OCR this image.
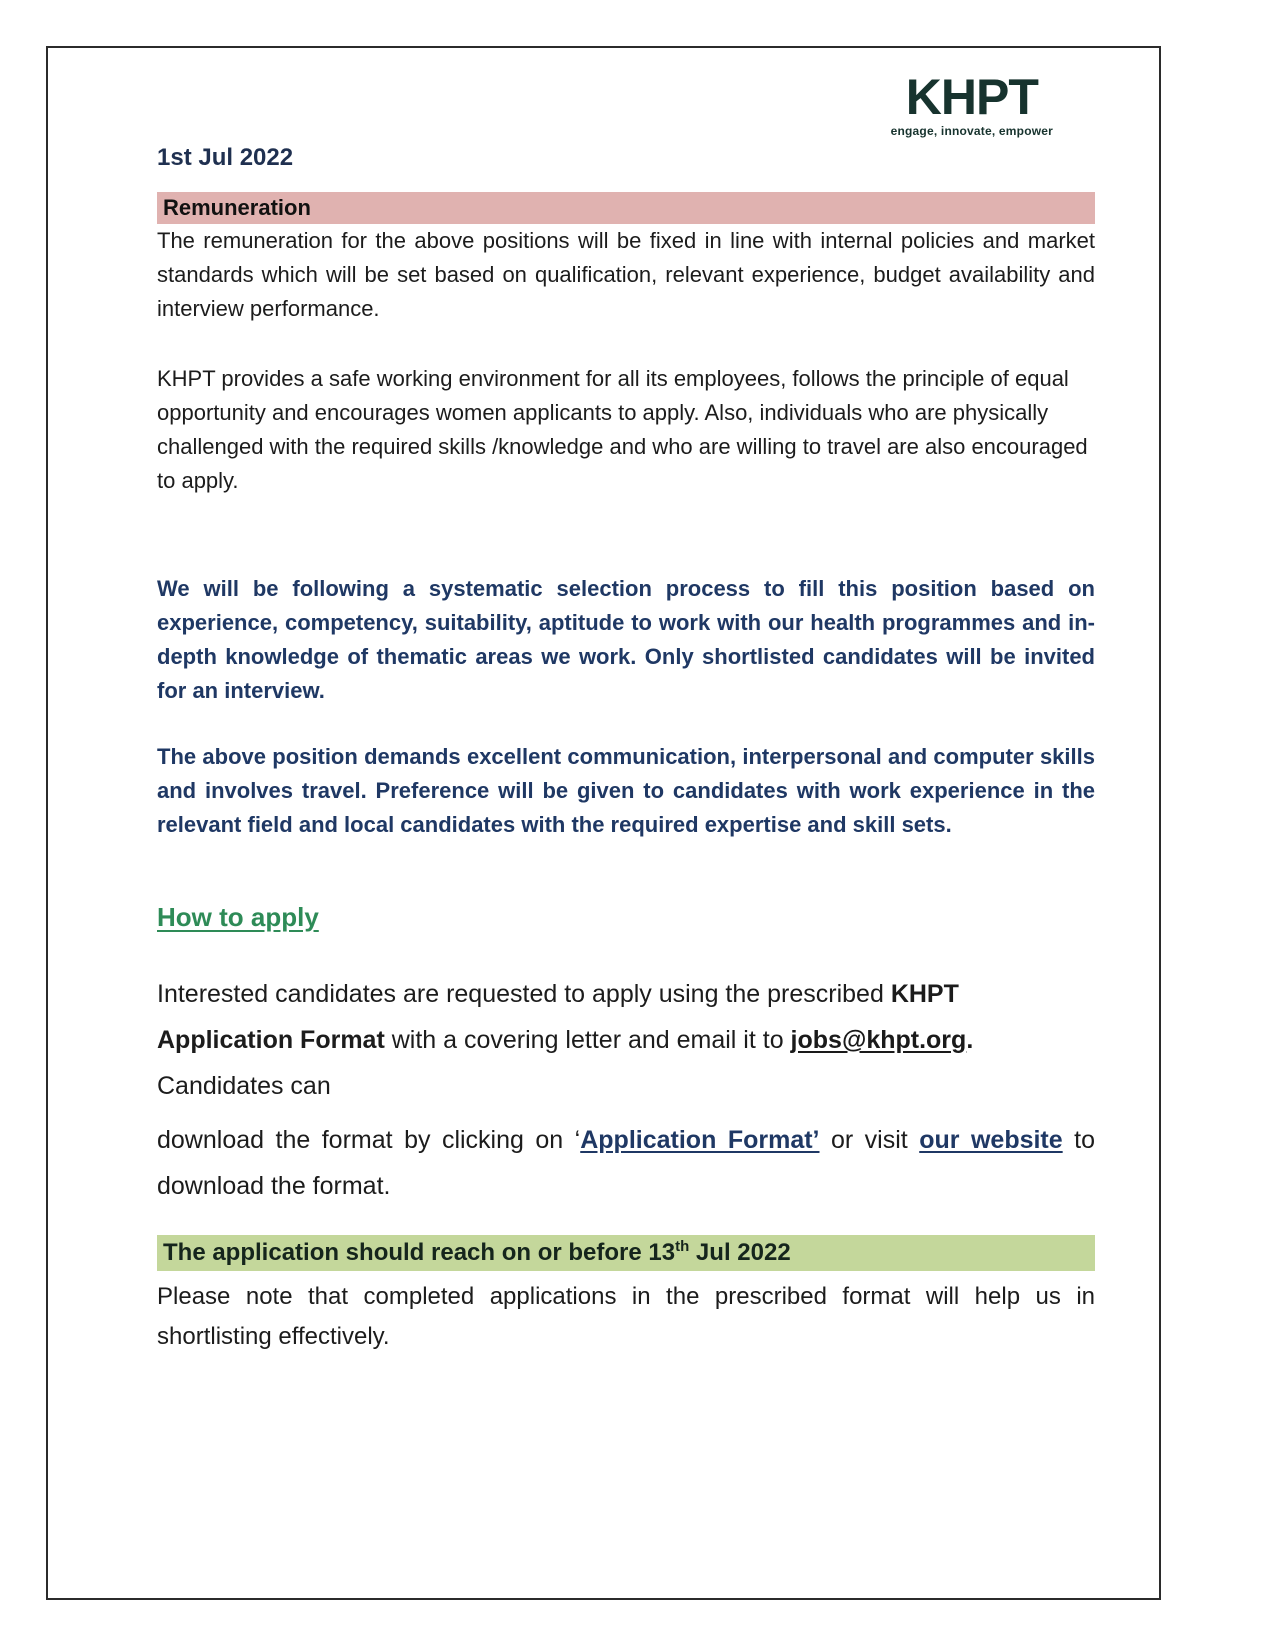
1st Jul 2022
KHPT
engage, innovate, empower
Remuneration

The remuneration for the above positions will be fixed in line with internal policies and market standards which will be set based on qualification, relevant experience, budget availability and interview performance.

KHPT provides a safe working environment for all its employees, follows the principle of equal opportunity and encourages women applicants to apply. Also, individuals who are physically challenged with the required skills /knowledge and who are willing to travel are also encouraged to apply.

We will be following a systematic selection process to fill this position based on experience, competency, suitability, aptitude to work with our health programmes and in-depth knowledge of thematic areas we work. Only shortlisted candidates will be invited for an interview.

The above position demands excellent communication, interpersonal and computer skills and involves travel. Preference will be given to candidates with work experience in the relevant field and local candidates with the required expertise and skill sets.

How to apply

Interested candidates are requested to apply using the prescribed KHPT Application Format with a covering letter and email it to jobs@khpt.org. Candidates can

download the format by clicking on ‘Application Format’ or visit our website to download the format.

The application should reach on or before 13th Jul 2022

Please note that completed applications in the prescribed format will help us in shortlisting effectively.
